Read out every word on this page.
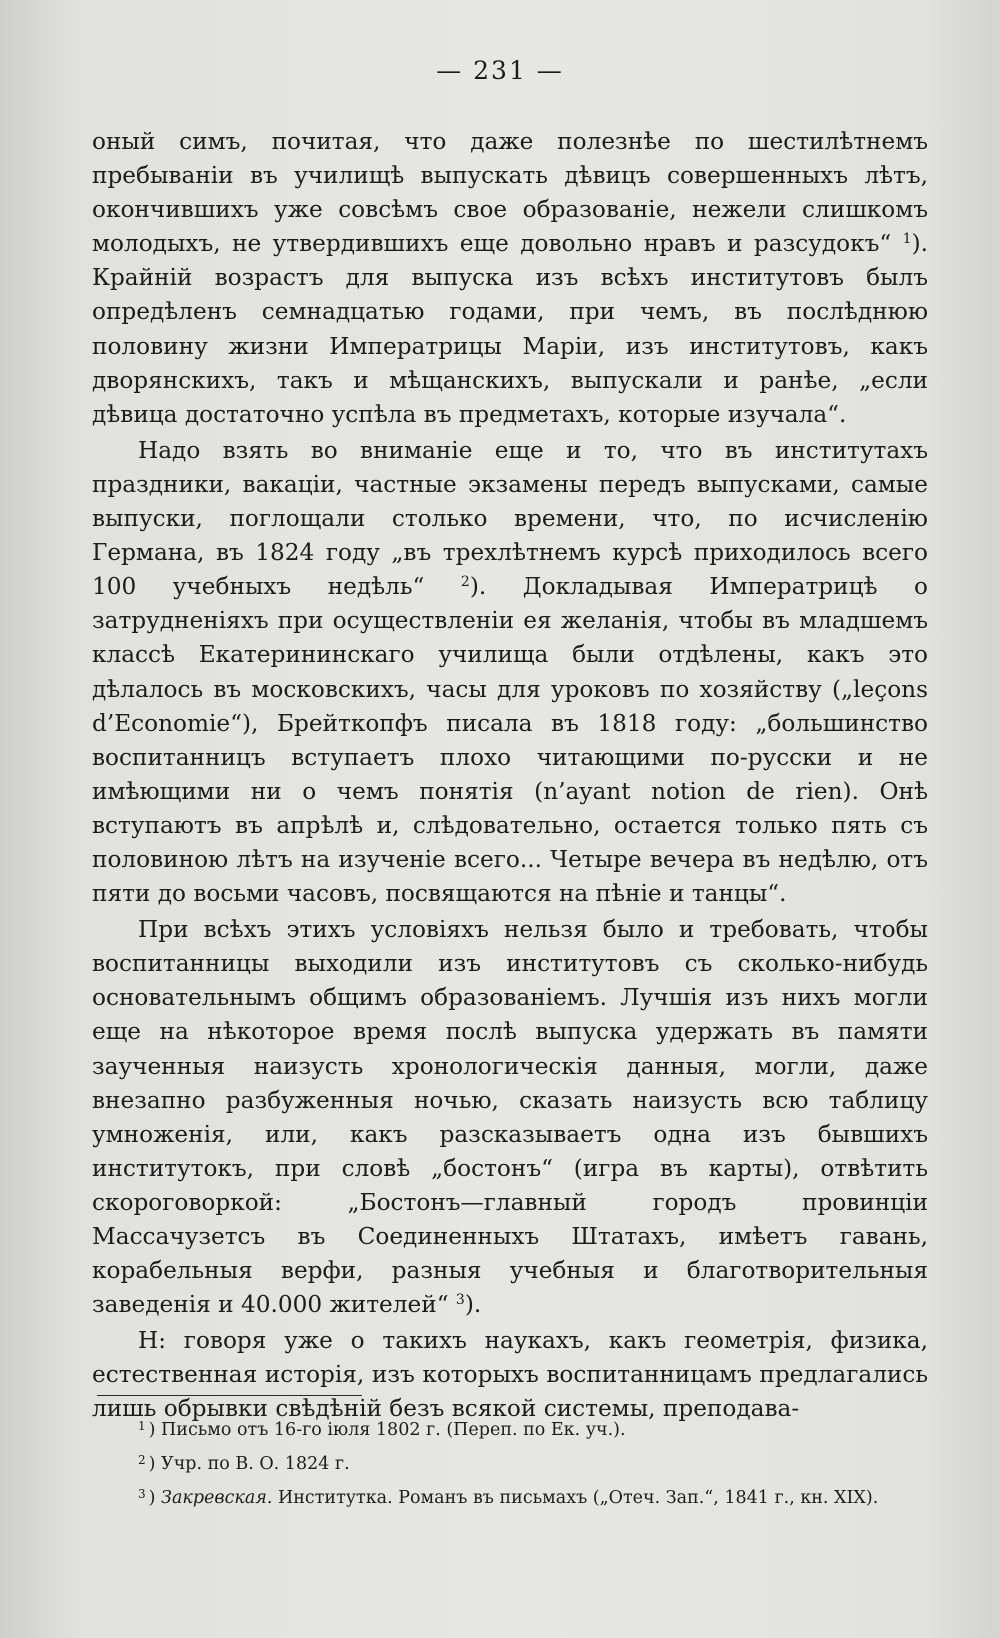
— 231 —

оный симъ, почитая, что даже полезнѣе по шестилѣтнемъ пребываніи въ училищѣ выпускать дѣвицъ совершенныхъ лѣтъ, окончившихъ уже совсѣмъ свое образованіе, нежели слишкомъ молодыхъ, не утвердившихъ еще довольно нравъ и разсудокъ“ $^1$). Крайній возрастъ для выпуска изъ всѣхъ институтовъ былъ опредѣленъ семнадцатью годами, при чемъ, въ послѣднюю половину жизни Императрицы Маріи, изъ институтовъ, какъ дворянскихъ, такъ и мѣщанскихъ, выпускали и ранѣе, „если дѣвица достаточно успѣла въ предметахъ, которые изучала“.

Надо взять во вниманіе еще и то, что въ институтахъ праздники, вакаціи, частные экзамены передъ выпусками, самые выпуски, поглощали столько времени, что, по исчисленію Германа, въ 1824 году „въ трехлѣтнемъ курсѣ приходилось всего 100 учебныхъ недѣль“ $^2$). Докладывая Императрицѣ о затрудненіяхъ при осуществленіи ея желанія, чтобы въ младшемъ классѣ Екатерининскаго училища были отдѣлены, какъ это дѣлалось въ московскихъ, часы для уроковъ по хозяйству („leçons d’Economie“), Брейткопфъ писала въ 1818 году: „большинство воспитанницъ вступаетъ плохо читающими по-русски и не имѣющими ни о чемъ понятія (n’ayant notion de rien). Онѣ вступаютъ въ апрѣлѣ и, слѣдовательно, остается только пять съ половиною лѣтъ на изученіе всего... Четыре вечера въ недѣлю, отъ пяти до восьми часовъ, посвящаются на пѣніе и танцы“.

При всѣхъ этихъ условіяхъ нельзя было и требовать, чтобы воспитанницы выходили изъ институтовъ съ сколько-нибудь основательнымъ общимъ образованіемъ. Лучшія изъ нихъ могли еще на нѣкоторое время послѣ выпуска удержать въ памяти заученныя наизусть хронологическія данныя, могли, даже внезапно разбуженныя ночью, сказать наизусть всю таблицу умноженія, или, какъ разсказываетъ одна изъ бывшихъ институтокъ, при словѣ „бостонъ“ (игра въ карты), отвѣтить скороговоркой: „Бостонъ—главный городъ провинціи Массачузетсъ въ Соединенныхъ Штатахъ, имѣетъ гавань, корабельныя верфи, разныя учебныя и благотворительныя заведенія и 40.000 жителей“ $^3$).

Н: говоря уже о такихъ наукахъ, какъ геометрія, физика, естественная исторія, изъ которыхъ воспитанницамъ предлагались лишь обрывки свѣдѣній безъ всякой системы, преподава-

$^1$ ) Письмо отъ 16-го іюля 1802 г. (Переп. по Ек. уч.).
$^2$ ) Учр. по В. О. 1824 г.
$^3$ ) Закревская. Институтка. Романъ въ письмахъ („Отеч. Зап.“, 1841 г., кн. XIX).
